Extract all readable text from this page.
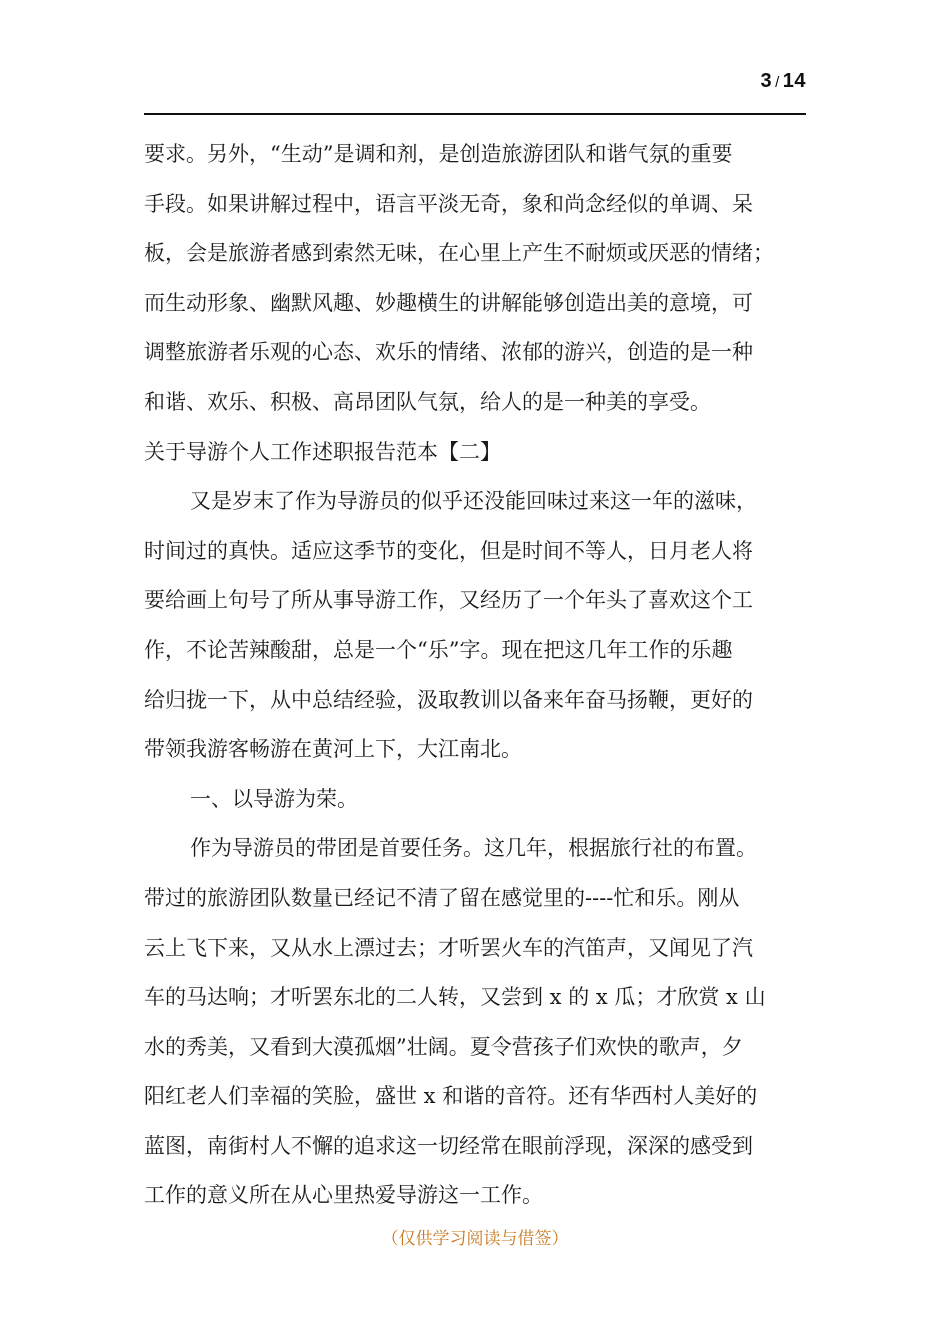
3 / 14
要求。另外，“生动”是调和剂，是创造旅游团队和谐气氛的重要
手段。如果讲解过程中，语言平淡无奇，象和尚念经似的单调、呆
板，会是旅游者感到索然无味，在心里上产生不耐烦或厌恶的情绪；
而生动形象、幽默风趣、妙趣横生的讲解能够创造出美的意境，可
调整旅游者乐观的心态、欢乐的情绪、浓郁的游兴，创造的是一种
和谐、欢乐、积极、高昂团队气氛，给人的是一种美的享受。
关于导游个人工作述职报告范本【二】
又是岁末了作为导游员的似乎还没能回味过来这一年的滋味，
时间过的真快。适应这季节的变化，但是时间不等人，日月老人将
要给画上句号了所从事导游工作，又经历了一个年头了喜欢这个工
作，不论苦辣酸甜，总是一个“乐”字。现在把这几年工作的乐趣
给归拢一下，从中总结经验，汲取教训以备来年奋马扬鞭，更好的
带领我游客畅游在黄河上下，大江南北。
一、以导游为荣。
作为导游员的带团是首要任务。这几年，根据旅行社的布置。
带过的旅游团队数量已经记不清了留在感觉里的----忙和乐。刚从
云上飞下来，又从水上漂过去；才听罢火车的汽笛声，又闻见了汽
车的马达响；才听罢东北的二人转，又尝到 x 的 x 瓜；才欣赏 x 山
水的秀美，又看到大漠孤烟”壮阔。夏令营孩子们欢快的歌声，夕
阳红老人们幸福的笑脸，盛世 x 和谐的音符。还有华西村人美好的
蓝图，南街村人不懈的追求这一切经常在眼前浮现，深深的感受到
工作的意义所在从心里热爱导游这一工作。
（仅供学习阅读与借签）
